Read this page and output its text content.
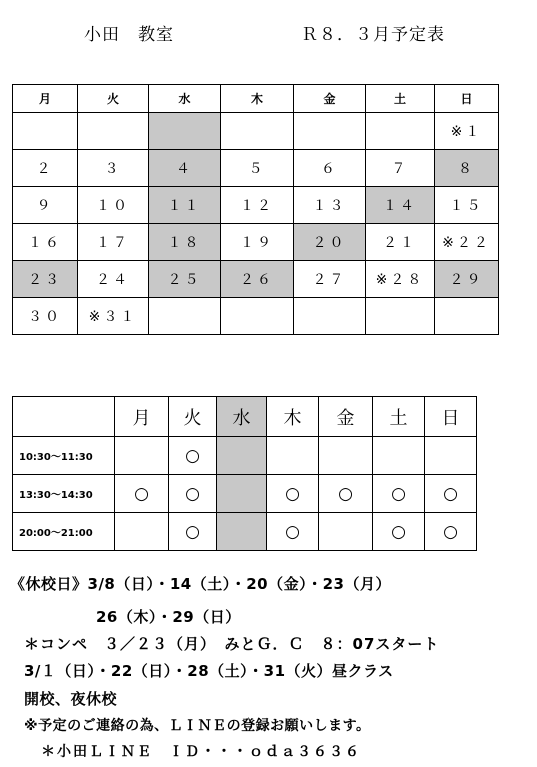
小田　教室	Ｒ８．３月予定表
月	火	水	木	金	土	日
						※１
２	３	４	５	６	７	８
９	１０	１１	１２	１３	１４	１５
１６	１７	１８	１９	２０	２１	※２２
２３	２４	２５	２６	２７	※２８	２９
３０	※３１					
	月	火	水	木	金	土	日
10:30～11:30		○					
13:30～14:30	○	○		○	○	○	○
20:00～21:00		○		○		○	○
《休校日》3/8（日）・14（土）・20（金）・23（月）
26（木）・29（日）
＊コンペ　３／２３（月）　みとＧ．Ｃ　８：07スタート
3/１（日）・22（日）・28（土）・31（火）昼クラス
開校、夜休校
※予定のご連絡の為、ＬＩＮＥの登録お願いします。
＊小田ＬＩＮＥ　ＩＤ・・・ｏｄａ３６３６
